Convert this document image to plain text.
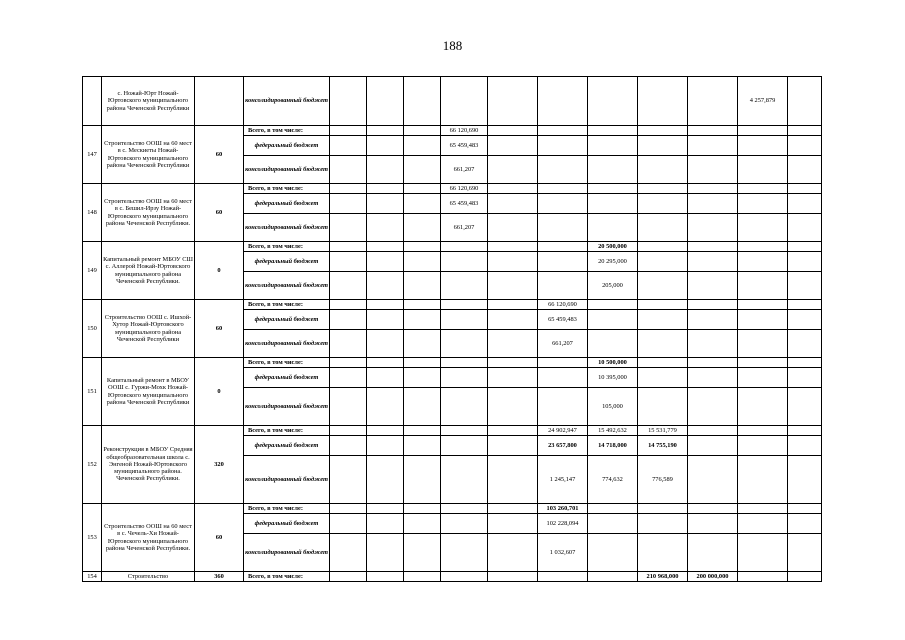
188
	с. Ножай-Юрт Ножай-Юртовского муниципального района Чеченской Республики		консолидированный бюджет										4 257,879	
147	Строительство ООШ на 60 мест в с. Мескиеты Ножай-Юртовского муниципального района Чеченской Республики	60	Всего, в том числе:				66 120,690							
			федеральный бюджет				65 459,483							
			консолидированный бюджет				661,207							
148	Строительство ООШ на 60 мест в с. Бешил-Ирзу Ножай-Юртовского муниципального района Чеченской Республики.	60	Всего, в том числе:				66 120,690							
			федеральный бюджет				65 459,483							
			консолидированный бюджет				661,207							
149	Капитальный ремонт МБОУ СШ с. Аллерой Ножай-Юртовского муниципального района Чеченской Республики.	0	Всего, в том числе:							20 500,000				
			федеральный бюджет							20 295,000				
			консолидированный бюджет							205,000				
150	Строительство ООШ с. Ишхой-Хутор Ножай-Юртовского муниципального района Чеченской Республики	60	Всего, в том числе:						66 120,690					
			федеральный бюджет						65 459,483					
			консолидированный бюджет						661,207					
151	Капитальный ремонт в МБОУ ООШ с. Гуржи-Мохк Ножай-Юртовского муниципального района Чеченской Республики	0	Всего, в том числе:							10 500,000				
			федеральный бюджет							10 395,000				
			консолидированный бюджет							105,000				
152	Реконструкция в МБОУ Средняя общеобразовательная школа с. Энгеной Ножай-Юртовского муниципального района. Чеченской Республики.	320	Всего, в том числе:						24 902,947	15 492,632	15 531,779			
			федеральный бюджет						23 657,800	14 718,000	14 755,190			
			консолидированный бюджет						1 245,147	774,632	776,589			
153	Строительство ООШ на 60 мест в с. Чечель-Хи Ножай-Юртовского муниципального района Чеченской Республики.	60	Всего, в том числе:						103 260,701					
			федеральный бюджет						102 228,094					
			консолидированный бюджет						1 032,607					
154	Строительство	360	Всего, в том числе:								210 968,000	200 000,000		
